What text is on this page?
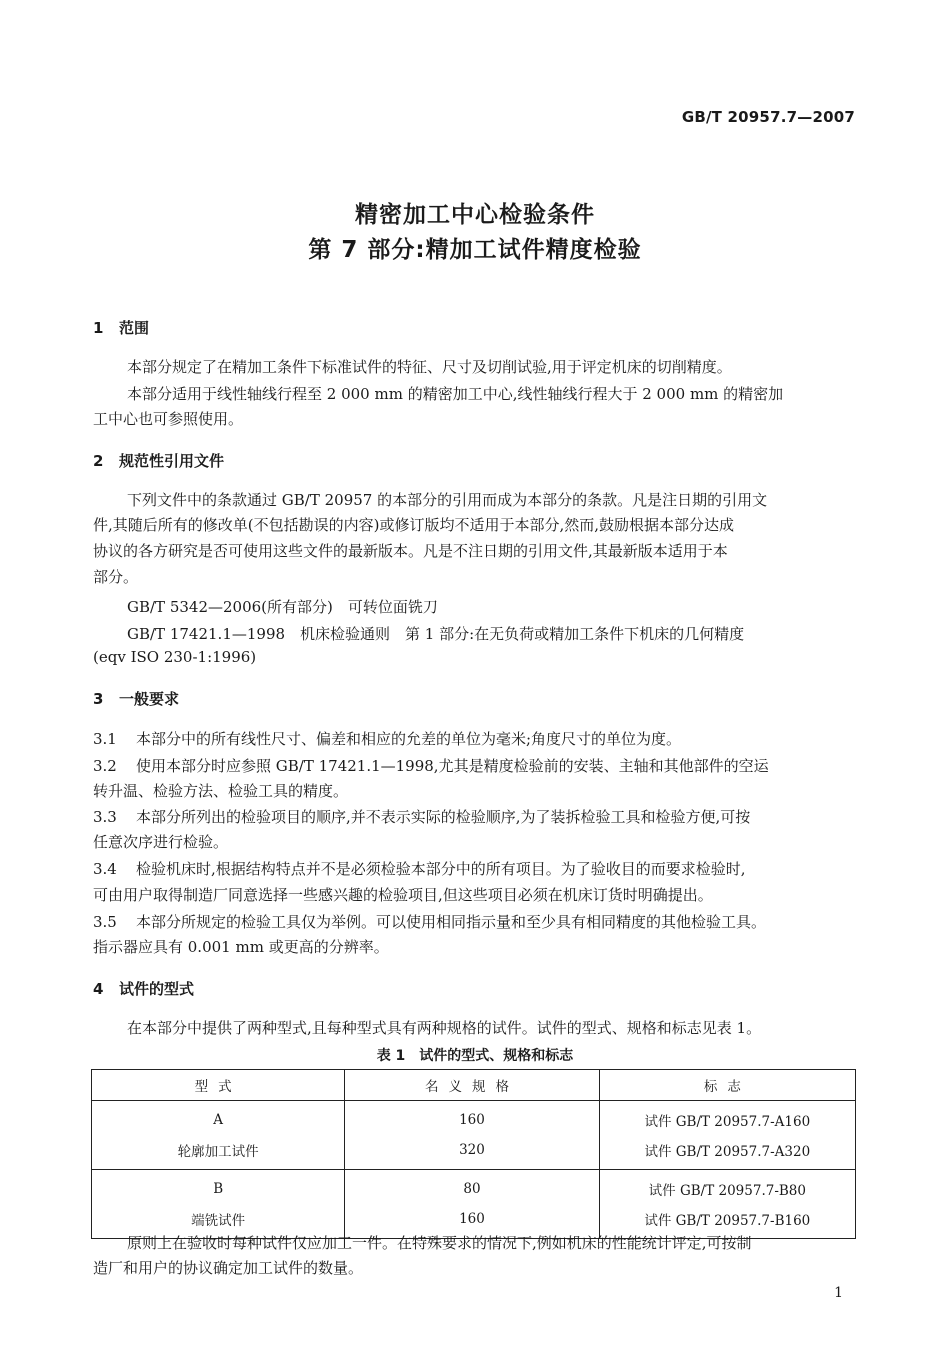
GB/T 20957.7—2007
精密加工中心检验条件
第 7 部分:精加工试件精度检验
1 范围
本部分规定了在精加工条件下标准试件的特征、尺寸及切削试验,用于评定机床的切削精度。
本部分适用于线性轴线行程至 2 000 mm 的精密加工中心,线性轴线行程大于 2 000 mm 的精密加
工中心也可参照使用。
2 规范性引用文件
下列文件中的条款通过 GB/T 20957 的本部分的引用而成为本部分的条款。凡是注日期的引用文
件,其随后所有的修改单(不包括勘误的内容)或修订版均不适用于本部分,然而,鼓励根据本部分达成
协议的各方研究是否可使用这些文件的最新版本。凡是不注日期的引用文件,其最新版本适用于本
部分。
GB/T 5342—2006(所有部分)　可转位面铣刀
GB/T 17421.1—1998　机床检验通则　第 1 部分:在无负荷或精加工条件下机床的几何精度
(eqv ISO 230-1:1996)
3 一般要求
3.1 本部分中的所有线性尺寸、偏差和相应的允差的单位为毫米;角度尺寸的单位为度。
3.2 使用本部分时应参照 GB/T 17421.1—1998,尤其是精度检验前的安装、主轴和其他部件的空运
转升温、检验方法、检验工具的精度。
3.3 本部分所列出的检验项目的顺序,并不表示实际的检验顺序,为了装拆检验工具和检验方便,可按
任意次序进行检验。
3.4 检验机床时,根据结构特点并不是必须检验本部分中的所有项目。为了验收目的而要求检验时,
可由用户取得制造厂同意选择一些感兴趣的检验项目,但这些项目必须在机床订货时明确提出。
3.5 本部分所规定的检验工具仅为举例。可以使用相同指示量和至少具有相同精度的其他检验工具。
指示器应具有 0.001 mm 或更高的分辨率。
4 试件的型式
在本部分中提供了两种型式,且每种型式具有两种规格的试件。试件的型式、规格和标志见表 1。
表 1　试件的型式、规格和标志
型式	名义规格	标志
A	160	试件 GB/T 20957.7-A160
轮廓加工试件	320	试件 GB/T 20957.7-A320
B	80	试件 GB/T 20957.7-B80
端铣试件	160	试件 GB/T 20957.7-B160
原则上在验收时每种试件仅应加工一件。在特殊要求的情况下,例如机床的性能统计评定,可按制
造厂和用户的协议确定加工试件的数量。
1
